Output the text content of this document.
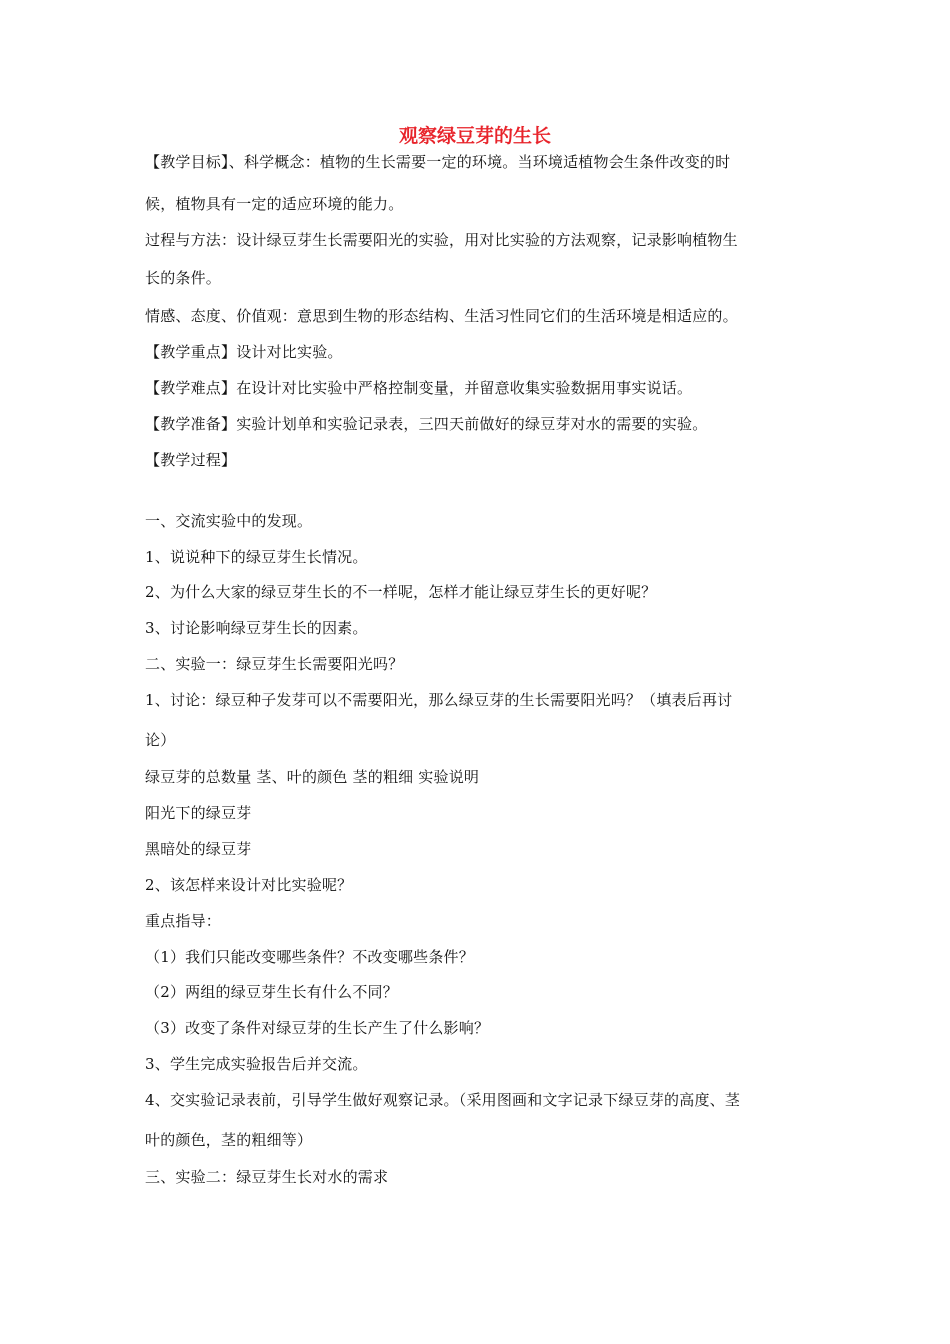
观察绿豆芽的生长
【教学目标】、科学概念：植物的生长需要一定的环境。当环境适植物会生条件改变的时
候，植物具有一定的适应环境的能力。
过程与方法：设计绿豆芽生长需要阳光的实验，用对比实验的方法观察，记录影响植物生
长的条件。
情感、态度、价值观：意思到生物的形态结构、生活习性同它们的生活环境是相适应的。
【教学重点】设计对比实验。
【教学难点】在设计对比实验中严格控制变量，并留意收集实验数据用事实说话。
【教学准备】实验计划单和实验记录表，三四天前做好的绿豆芽对水的需要的实验。
【教学过程】
一、交流实验中的发现。
1、说说种下的绿豆芽生长情况。
2、为什么大家的绿豆芽生长的不一样呢，怎样才能让绿豆芽生长的更好呢？
3、讨论影响绿豆芽生长的因素。
二、实验一：绿豆芽生长需要阳光吗？
1、讨论：绿豆种子发芽可以不需要阳光，那么绿豆芽的生长需要阳光吗？（填表后再讨
论）
绿豆芽的总数量 茎、叶的颜色 茎的粗细 实验说明
阳光下的绿豆芽
黑暗处的绿豆芽
2、该怎样来设计对比实验呢？
重点指导：
（1）我们只能改变哪些条件？不改变哪些条件？
（2）两组的绿豆芽生长有什么不同？
（3）改变了条件对绿豆芽的生长产生了什么影响？
3、学生完成实验报告后并交流。
4、交实验记录表前，引导学生做好观察记录。（采用图画和文字记录下绿豆芽的高度、茎
叶的颜色，茎的粗细等）
三、实验二：绿豆芽生长对水的需求
